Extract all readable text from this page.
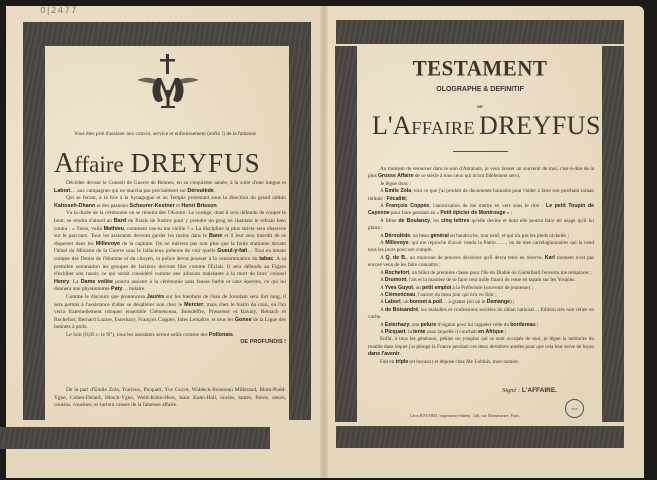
0|2477

Vous êtes prié d'assister aux convoi, service et enfouissement (enfin !) de la fameuse

Affaire DREYFUS

Décédée devant le Conseil de Guerre de Rennes, en sa cinquième année, à la suite d'une longue et Labori… aux campagnes qui ne marcha pas précisément sur Déroulède.

Qui se feront, à la fois à la Synagogue et au Temple protestant sous la direction du grand rabbin Kahoseh-Dhann et des pasteurs Scheurer-Kestner et Henri Brisson.

Vu la durée de la cérémonie on se réunira dès l'Aurore. Le cortège, dont il sera défendu de couper le bout, se rendra d'abord au Bard du Palais de Justice pour y prendre un grog en chantant le refrain bien connu : « Tiens, voilà Mathieu, comment vas-tu ma vieille ? » La discipline la plus stricte sera observée sur le parcours. Tous les assistants devront garder les mains dans le Bane et il leur sera interdit de se disperser dans les Millevoye de la capitale. On ne tolérera pas non plus que la foule stationne devant l'hôtel du Ministre de la Guerre sous le fallacieux prétexte de voir quelle Gueul-y-fait… Tout en tenant compte des Droits de l'Homme et du citoyen, la police devra pousser à la consommation du tabac. A sa première sommation les groupes de factieux devront filer comme l'Eclair. Il sera défendu au Figaro d'exhiber son rasoir, ce qui serait considéré comme une allusion malséante à la mort du brav' colonel Henry. La Dame voilée pourra assister à la cérémonie sans fausse barbe et sans éperons, ce qui lui donnera une physionomie Paty… bulaire.

Comme le discours que prononcera Jaurès sur les bienfaits de l'eau de Jourdain sera fort long, il sera permis à l'assistance d'aller se désaltérer non chez le Mercier, mais chez le bistro du coin, où l'on verra fraternellement trinquer ensemble Clémenceau, Boisdeffre, Pressensé et Bavary, Reinach et Rochefort, Bernard Lazare, Esterhazy, François Coppée, Jules Lemaître, et tous les Gonse de la Ligue des bonnets à poils.

Le Soir (0,05 c. le N°), tous les assistants seront soûls comme des Pollonais.

DE PROFUNDIS !

De la part d'Emile Zola, Trarieux, Picquart, Yve Guyot, Waldeck-Rousseau Millerand, Blum-Pudd-Ygue, Cohen-Delard, Hirsch-Ygne, Weill-Kohn-Hess, Isaac Kahn-Hall, oncles, tantes, frères, sœurs, cousins, cousines, et surtout causes de la fameuse affaire.

TESTAMENT
OLOGRAPHE & DEFINITIF
DE
L'AFFAIRE DREYFUS

Au moment de retourner dans le sein d'Abraham, je veux laisser un souvenir de moi, c'est-à-dire de la plus Grosse Affaire de ce siècle à tous ceux qui m'ont fidèlement servi.

Je lègue donc :

A Emile Zola, tout ce que j'ai produit de documents humains pour l'aider à faire son prochain roman intitulé : Fécalité;

A François Coppée, l'autorisation de me mettre en vers sous le titre : Le petit Toupin de Cayenne pour faire pendant au « Petit épicier de Montrouge » ;

A Mme de Boulancy, les cinq lettres qu'elle devine et dont elle pourra faire tel usage qu'il lui plaira ;

A Déroulède, un beau général en baudruche, tout neuf, et qui n'a pas les pieds nickelés ;

A Millevoye, qui me reproche d'avoir vendu la Patrie……, un de mes carrelagionnaires qui la vend tous les jours pour son compte.

A Q. de B., un monceau de preuves décisives qu'il devra tenir en réserve, Karl moment n'est pas encore venu de les faire connaître ;

A Rochefort, un billet de première classe pour l'Ile du Diable où Guénillard l'enverra me remplacer ;

A Drumont, l'art et la manière de se faire cent mille francs de rente en tapant sur les Youpins.

A Yves Guyot, un petit emploi à la Préfecture (souvenir de jeunesse) ;

A Clémenceau, l'aurore du beau jour qui m'a vu finir ;

A Labori, un bonnet à poil… à gratter (où on le Demange) ;

A de Boisandré, les maladies et confessions secrètes du uhlan national… Edition très rare reliée en vache.

A Esterhazy, une pelure d'oignon pour lui rappeler celle du bordereau ;

A Picquart, la tente sous laquelle il couchait en Afrique ;

Enfin, à tous les généraux, pékins ou youpins qui se sont occupés de moi, je lègue la mémoire du trouble dans lequel j'ai plongé la France pendant ces deux dernières années pour que cela leur serve de leçon dans l'avenir.

Fait en triple (et boyaux) et déposé chez Me Loblois, mon notaire.

Signé : L'AFFAIRE.
Léon BAYARD, imprimeur-éditeur, 146, rue Montmartre, Paris.
BnF
